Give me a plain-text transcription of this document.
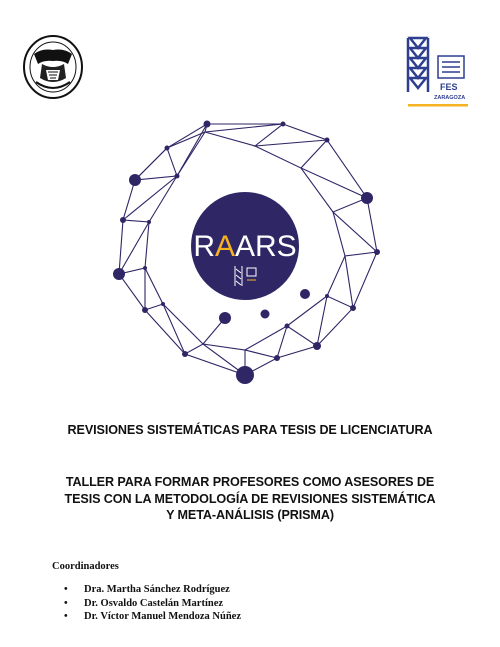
FES
ZARAGOZA
RAARS
REVISIONES SISTEMÁTICAS PARA TESIS DE LICENCIATURA
TALLER PARA FORMAR PROFESORES COMO ASESORES DE
TESIS CON LA METODOLOGÍA DE REVISIONES SISTEMÁTICA
Y META-ANÁLISIS (PRISMA)
Coordinadores
• Dra. Martha Sánchez Rodríguez
• Dr. Osvaldo Castelán Martínez
• Dr. Víctor Manuel Mendoza Núñez
